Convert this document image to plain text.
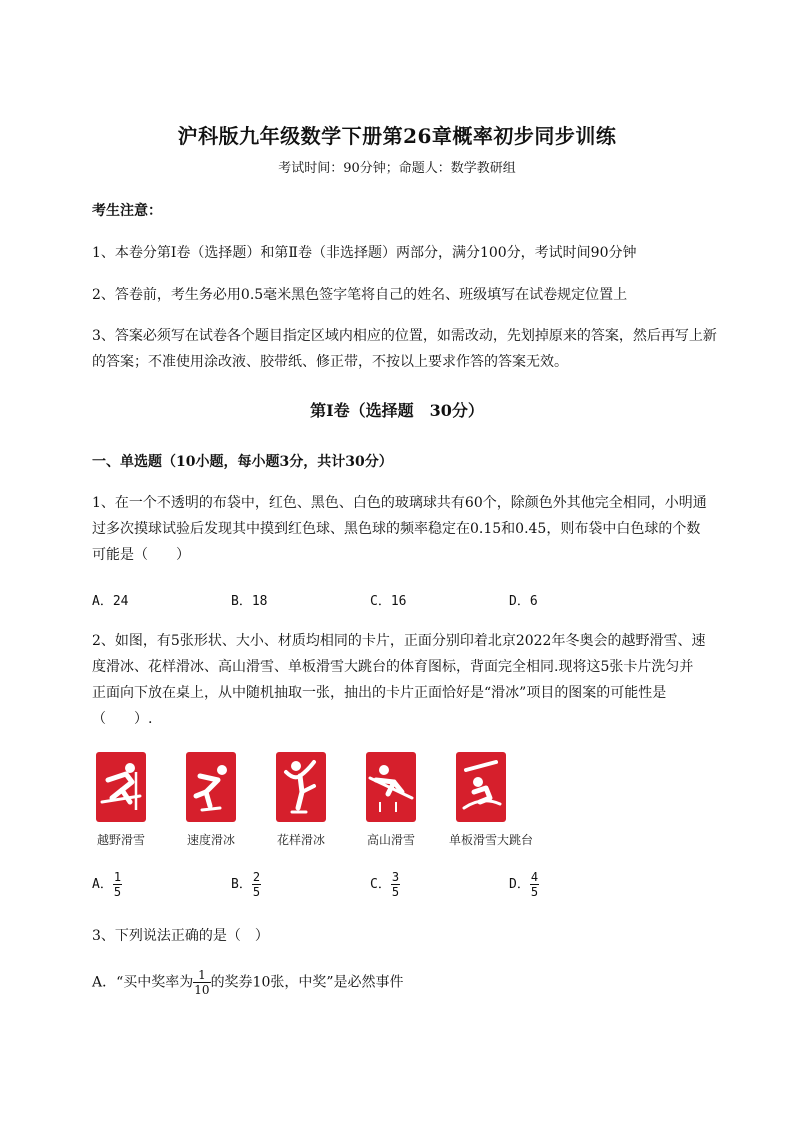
沪科版九年级数学下册第26章概率初步同步训练
考试时间：90分钟；命题人：数学教研组
考生注意：
1、本卷分第I卷（选择题）和第Ⅱ卷（非选择题）两部分，满分100分，考试时间90分钟
2、答卷前，考生务必用0.5毫米黑色签字笔将自己的姓名、班级填写在试卷规定位置上
3、答案必须写在试卷各个题目指定区域内相应的位置，如需改动，先划掉原来的答案，然后再写上新
的答案；不准使用涂改液、胶带纸、修正带，不按以上要求作答的答案无效。
第I卷（选择题　30分）
一、单选题（10小题，每小题3分，共计30分）
1、在一个不透明的布袋中，红色、黑色、白色的玻璃球共有60个，除颜色外其他完全相同，小明通
过多次摸球试验后发现其中摸到红色球、黑色球的频率稳定在0.15和0.45，则布袋中白色球的个数
可能是（　　）
A．24	B．18	C．16	D．6
2、如图，有5张形状、大小、材质均相同的卡片，正面分别印着北京2022年冬奥会的越野滑雪、速
度滑冰、花样滑冰、高山滑雪、单板滑雪大跳台的体育图标，背面完全相同.现将这5张卡片洗匀并
正面向下放在桌上，从中随机抽取一张，抽出的卡片正面恰好是“滑冰”项目的图案的可能性是
（　　）.
越野滑雪	速度滑冰	花样滑冰	高山滑雪	单板滑雪大跳台
A． $\frac{1}{5}$	B． $\frac{2}{5}$	C． $\frac{3}{5}$	D． $\frac{4}{5}$
3、下列说法正确的是（　）
A．“买中奖率为 $\frac{1}{10}$ 的奖券10张，中奖”是必然事件
